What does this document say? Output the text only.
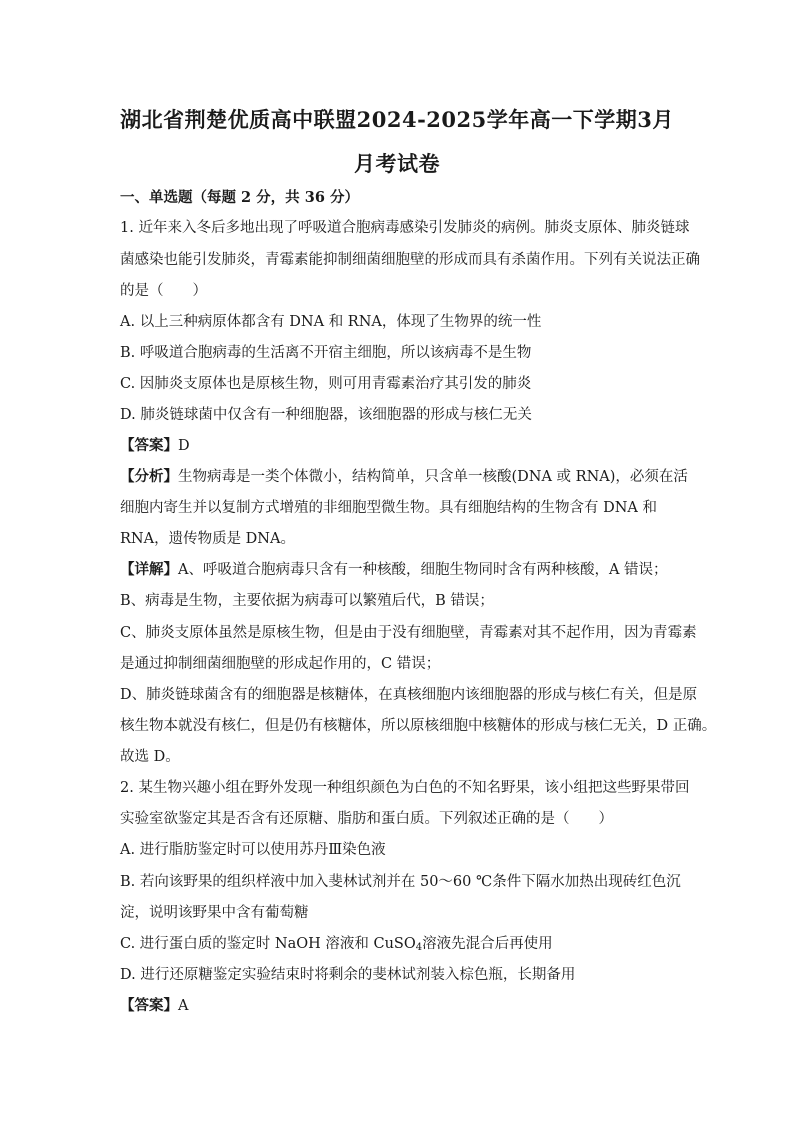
湖北省荆楚优质高中联盟2024-2025学年高一下学期3月
月考试卷
一、单选题（每题 2 分，共 36 分）
1. 近年来入冬后多地出现了呼吸道合胞病毒感染引发肺炎的病例。肺炎支原体、肺炎链球
菌感染也能引发肺炎，青霉素能抑制细菌细胞壁的形成而具有杀菌作用。下列有关说法正确
的是（　　）
A. 以上三种病原体都含有 DNA 和 RNA，体现了生物界的统一性
B. 呼吸道合胞病毒的生活离不开宿主细胞，所以该病毒不是生物
C. 因肺炎支原体也是原核生物，则可用青霉素治疗其引发的肺炎
D. 肺炎链球菌中仅含有一种细胞器，该细胞器的形成与核仁无关
【答案】D
【分析】生物病毒是一类个体微小，结构简单，只含单一核酸(DNA 或 RNA)，必须在活
细胞内寄生并以复制方式增殖的非细胞型微生物。具有细胞结构的生物含有 DNA 和
RNA，遗传物质是 DNA。
【详解】A、呼吸道合胞病毒只含有一种核酸，细胞生物同时含有两种核酸，A 错误；
B、病毒是生物，主要依据为病毒可以繁殖后代，B 错误；
C、肺炎支原体虽然是原核生物，但是由于没有细胞壁，青霉素对其不起作用，因为青霉素
是通过抑制细菌细胞壁的形成起作用的，C 错误；
D、肺炎链球菌含有的细胞器是核糖体，在真核细胞内该细胞器的形成与核仁有关，但是原
核生物本就没有核仁，但是仍有核糖体，所以原核细胞中核糖体的形成与核仁无关，D 正确。
故选 D。
2. 某生物兴趣小组在野外发现一种组织颜色为白色的不知名野果，该小组把这些野果带回
实验室欲鉴定其是否含有还原糖、脂肪和蛋白质。下列叙述正确的是（　　）
A. 进行脂肪鉴定时可以使用苏丹Ⅲ染色液
B. 若向该野果的组织样液中加入斐林试剂并在 50～60 ℃条件下隔水加热出现砖红色沉
淀，说明该野果中含有葡萄糖
C. 进行蛋白质的鉴定时 NaOH 溶液和 CuSO$_4$溶液先混合后再使用
D. 进行还原糖鉴定实验结束时将剩余的斐林试剂装入棕色瓶，长期备用
【答案】A
